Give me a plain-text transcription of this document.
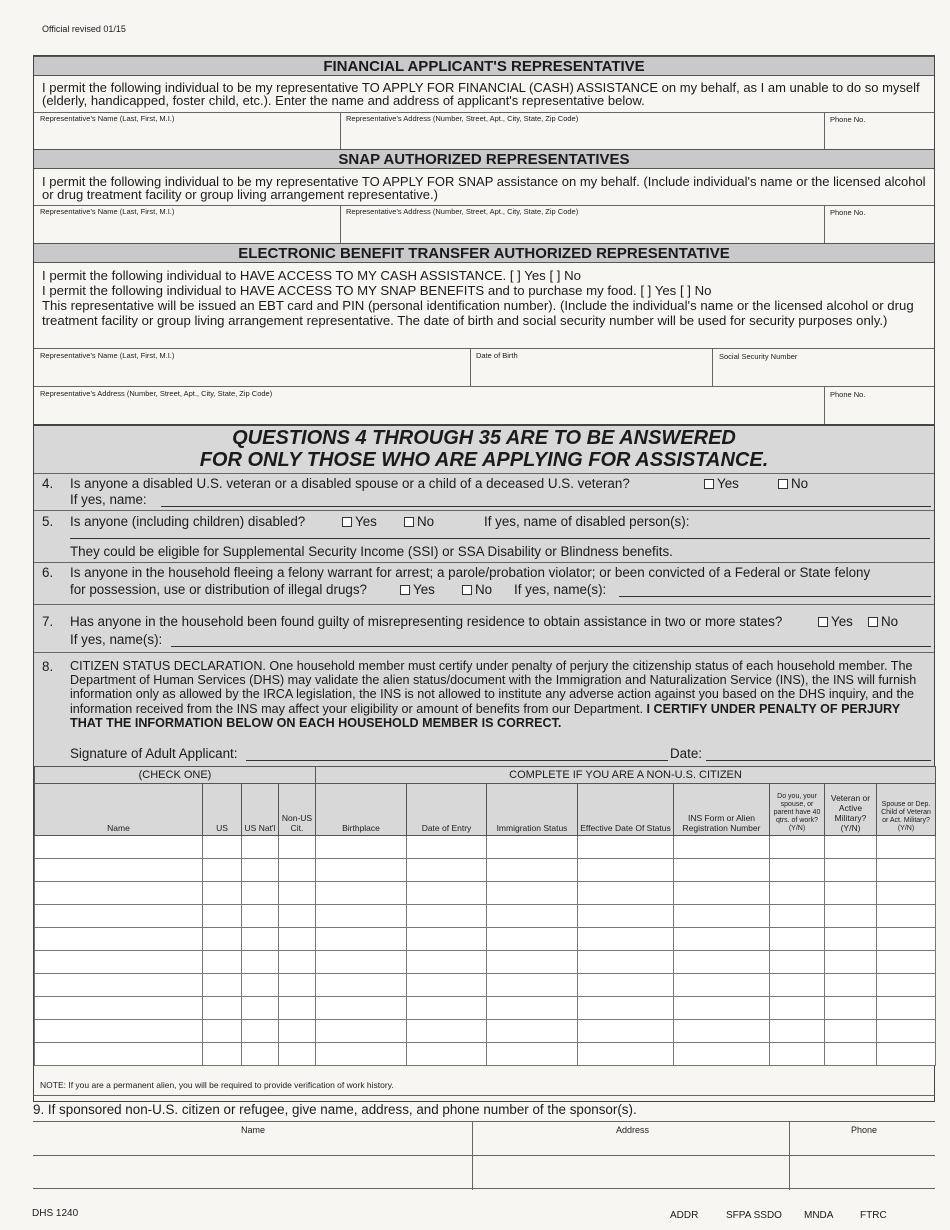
Official revised 01/15
FINANCIAL APPLICANT'S REPRESENTATIVE
I permit the following individual to be my representative TO APPLY FOR FINANCIAL (CASH) ASSISTANCE on my behalf, as I am unable to do so myself (elderly, handicapped, foster child, etc.). Enter the name and address of applicant's representative below.
Representative's Name (Last, First, M.I.)	Representative's Address (Number, Street, Apt., City, State, Zip Code)	Phone No.
SNAP AUTHORIZED REPRESENTATIVES
I permit the following individual to be my representative TO APPLY FOR SNAP assistance on my behalf. (Include individual's name or the licensed alcohol or drug treatment facility or group living arrangement representative.)
Representative's Name (Last, First, M.I.)	Representative's Address (Number, Street, Apt., City, State, Zip Code)	Phone No.
ELECTRONIC BENEFIT TRANSFER AUTHORIZED REPRESENTATIVE
I permit the following individual to HAVE ACCESS TO MY CASH ASSISTANCE. [ ] Yes [ ] No
I permit the following individual to HAVE ACCESS TO MY SNAP BENEFITS and to purchase my food. [ ] Yes [ ] No
This representative will be issued an EBT card and PIN (personal identification number). (Include the individual's name or the licensed alcohol or drug treatment facility or group living arrangement representative. The date of birth and social security number will be used for security purposes only.)
Representative's Name (Last, First, M.I.)	Date of Birth	Social Security Number
Representative's Address (Number, Street, Apt., City, State, Zip Code)	Phone No.
QUESTIONS 4 THROUGH 35 ARE TO BE ANSWERED
FOR ONLY THOSE WHO ARE APPLYING FOR ASSISTANCE.
4. Is anyone a disabled U.S. veteran or a disabled spouse or a child of a deceased U.S. veteran?	Yes	No
If yes, name:
5. Is anyone (including children) disabled?	Yes	No	If yes, name of disabled person(s):
They could be eligible for Supplemental Security Income (SSI) or SSA Disability or Blindness benefits.
6. Is anyone in the household fleeing a felony warrant for arrest; a parole/probation violator; or been convicted of a Federal or State felony
for possession, use or distribution of illegal drugs?	Yes	No If yes, name(s):
7. Has anyone in the household been found guilty of misrepresenting residence to obtain assistance in two or more states?	Yes	No
If yes, name(s):
8. CITIZEN STATUS DECLARATION. One household member must certify under penalty of perjury the citizenship status of each household member. The Department of Human Services (DHS) may validate the alien status/document with the Immigration and Naturalization Service (INS), the INS will furnish information only as allowed by the IRCA legislation, the INS is not allowed to institute any adverse action against you based on the DHS inquiry, and the information received from the INS may affect your eligibility or amount of benefits from our Department. I CERTIFY UNDER PENALTY OF PERJURY THAT THE INFORMATION BELOW ON EACH HOUSEHOLD MEMBER IS CORRECT.
Signature of Adult Applicant:	Date:
(CHECK ONE)				COMPLETE IF YOU ARE A NON-U.S. CITIZEN							
Name	US	US Nat'l	Non-US Cit.	Birthplace	Date of Entry	Immigration Status	Effective Date Of Status	INS Form or Alien Registration Number	Do you, your spouse, or parent have 40 qtrs. of work? (Y/N)	Veteran or Active Military? (Y/N)	Spouse or Dep. Child of Veteran or Act. Military? (Y/N)

NOTE: If you are a permanent alien, you will be required to provide verification of work history.
9. If sponsored non-U.S. citizen or refugee, give name, address, and phone number of the sponsor(s).
Name	Address	Phone
DHS 1240	ADDR	SFPA SSDO MNDA	FTRC
